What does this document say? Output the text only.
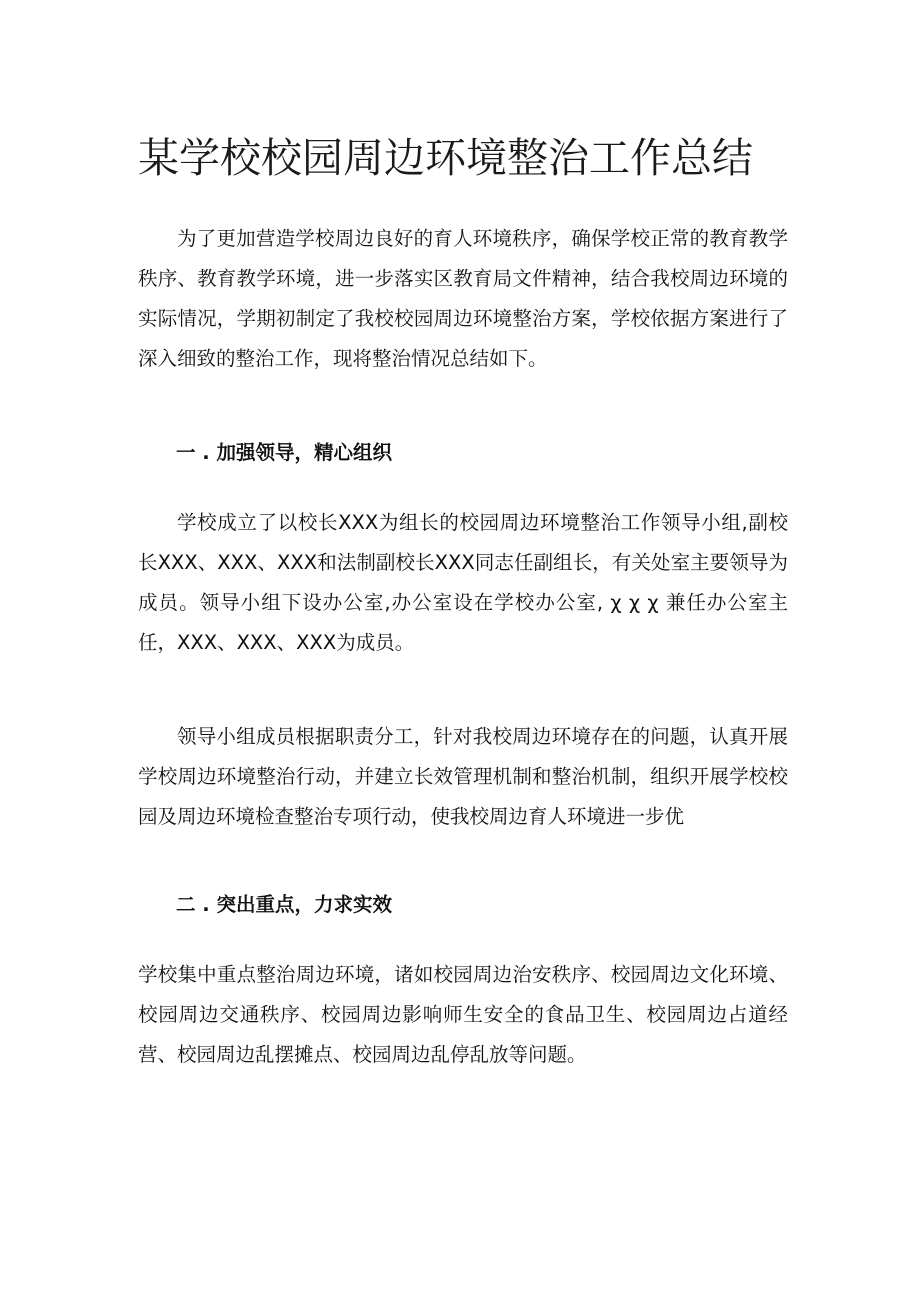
某学校校园周边环境整治工作总结

为了更加营造学校周边良好的育人环境秩序，确保学校正常的教育教学秩序、教育教学环境，进一步落实区教育局文件精神，结合我校周边环境的实际情况，学期初制定了我校校园周边环境整治方案，学校依据方案进行了深入细致的整治工作，现将整治情况总结如下。

一 . 加强领导，精心组织

学校成立了以校长XXX为组长的校园周边环境整治工作领导小组,副校长XXX、XXX、XXX和法制副校长XXX同志任副组长，有关处室主要领导为成员。领导小组下设办公室,办公室设在学校办公室, χ χ χ 兼任办公室主任，XXX、XXX、XXX为成员。

领导小组成员根据职责分工，针对我校周边环境存在的问题，认真开展学校周边环境整治行动，并建立长效管理机制和整治机制，组织开展学校校园及周边环境检查整治专项行动，使我校周边育人环境进一步优

二 . 突出重点，力求实效

学校集中重点整治周边环境，诸如校园周边治安秩序、校园周边文化环境、校园周边交通秩序、校园周边影响师生安全的食品卫生、校园周边占道经营、校园周边乱摆摊点、校园周边乱停乱放等问题。
